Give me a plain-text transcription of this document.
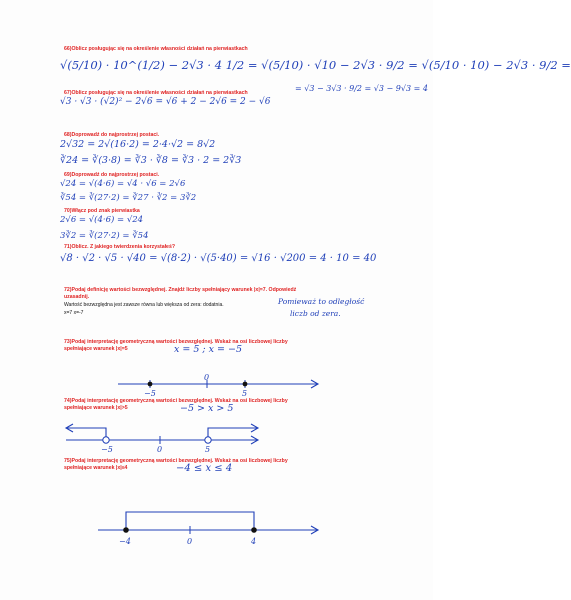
66)Oblicz posługując się na określenie własności działań na pierwiastkach
√(5/10) · 10^(1/2) − 2√3 · 4 1/2 = √(5/10) · √10 − 2√3 · 9/2 = √(5/10 · 10) − 2√3 · 9/2 =
67)Oblicz posługując się na określenie własności działań na pierwiastkach	= √3 − 3√3 · 9/2 = √3 − 9√3 = 4
√3 · √3 · (√2)² − 2√6 = √6 + 2 − 2√6 = 2 − √6
68)Doprowadź do najprostrzej postaci.
2√32 = 2√(16·2) = 2·4·√2 = 8√2
∛24 = ∛(3·8) = ∛3 · ∛8 = ∛3 · 2 = 2∛3
69)Doprowadź do najprostrzej postaci.
√24 = √(4·6) = √4 · √6 = 2√6
∛54 = ∛(27·2) = ∛27 · ∛2 = 3∛2
70)Włącz pod znak pierwiastka
2√6 = √(4·6) = √24
3∛2 = ∛(27·2) = ∛54
71)Oblicz. Z jakiego twierdzenia korzystałeś?
√8 · √2 · √5 · √40 = √(8·2) · √(5·40) = √16 · √200 = 4 · 10 = 40
72)Podaj definicję wartości bezwzględnej. Znajdź liczby spełniający warunek |x|=7. Odpowiedź
uzasadnij.
Wartość bezwzględna jest zawsze równa lub większa od zera: dodatnia.
x=7 x=-7
Pomieważ to odległość
liczb od zera.
73)Podaj interpretację geometryczną wartości bezwzględnej. Wskaż na osi liczbowej liczby
spełniające warunek |x|=5	x = 5 ; x = −5
−5
0
5
74)Podaj interpretację geometryczną wartości bezwzględnej. Wskaż na osi liczbowej liczby
spełniające warunek |x|>5	−5 > x > 5
−5	0	5
75)Podaj interpretację geometryczną wartości bezwzględnej. Wskaż na osi liczbowej liczby
spełniające warunek |x|≤4	−4 ≤ x ≤ 4
−4	0	4
